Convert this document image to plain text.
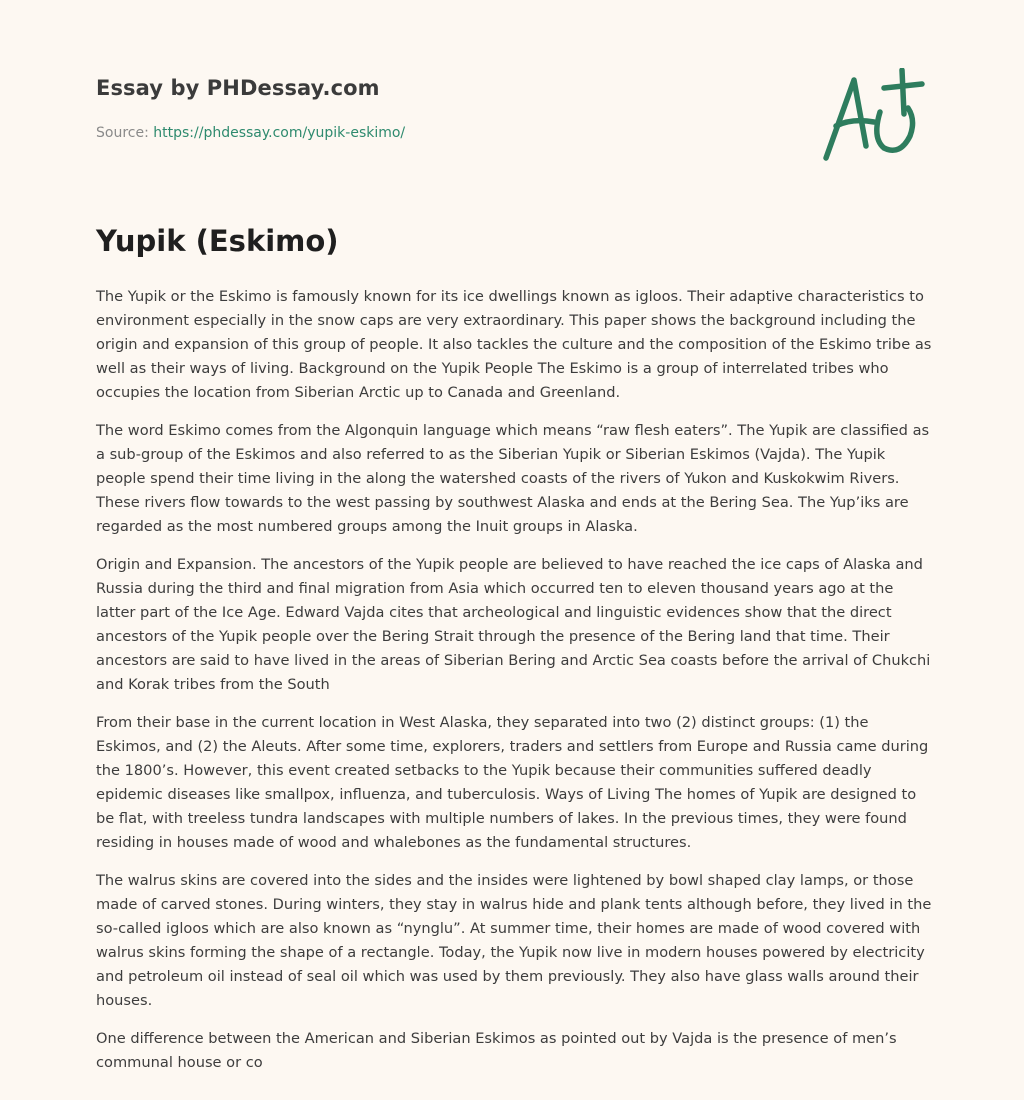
Essay by PHDessay.com
Source: https://phdessay.com/yupik-eskimo/
Yupik (Eskimo)

The Yupik or the Eskimo is famously known for its ice dwellings known as igloos. Their adaptive characteristics to environment especially in the snow caps are very extraordinary. This paper shows the background including the origin and expansion of this group of people. It also tackles the culture and the composition of the Eskimo tribe as well as their ways of living. Background on the Yupik People The Eskimo is a group of interrelated tribes who occupies the location from Siberian Arctic up to Canada and Greenland.

The word Eskimo comes from the Algonquin language which means “raw flesh eaters”. The Yupik are classified as a sub-group of the Eskimos and also referred to as the Siberian Yupik or Siberian Eskimos (Vajda). The Yupik people spend their time living in the along the watershed coasts of the rivers of Yukon and Kuskokwim Rivers. These rivers flow towards to the west passing by southwest Alaska and ends at the Bering Sea. The Yup’iks are regarded as the most numbered groups among the Inuit groups in Alaska.

Origin and Expansion. The ancestors of the Yupik people are believed to have reached the ice caps of Alaska and Russia during the third and final migration from Asia which occurred ten to eleven thousand years ago at the latter part of the Ice Age. Edward Vajda cites that archeological and linguistic evidences show that the direct ancestors of the Yupik people over the Bering Strait through the presence of the Bering land that time. Their ancestors are said to have lived in the areas of Siberian Bering and Arctic Sea coasts before the arrival of Chukchi and Korak tribes from the South

From their base in the current location in West Alaska, they separated into two (2) distinct groups: (1) the Eskimos, and (2) the Aleuts. After some time, explorers, traders and settlers from Europe and Russia came during the 1800’s. However, this event created setbacks to the Yupik because their communities suffered deadly epidemic diseases like smallpox, influenza, and tuberculosis. Ways of Living The homes of Yupik are designed to be flat, with treeless tundra landscapes with multiple numbers of lakes. In the previous times, they were found residing in houses made of wood and whalebones as the fundamental structures.

The walrus skins are covered into the sides and the insides were lightened by bowl shaped clay lamps, or those made of carved stones. During winters, they stay in walrus hide and plank tents although before, they lived in the so-called igloos which are also known as “nynglu”. At summer time, their homes are made of wood covered with walrus skins forming the shape of a rectangle. Today, the Yupik now live in modern houses powered by electricity and petroleum oil instead of seal oil which was used by them previously. They also have glass walls around their houses.

One difference between the American and Siberian Eskimos as pointed out by Vajda is the presence of men’s communal house or co
